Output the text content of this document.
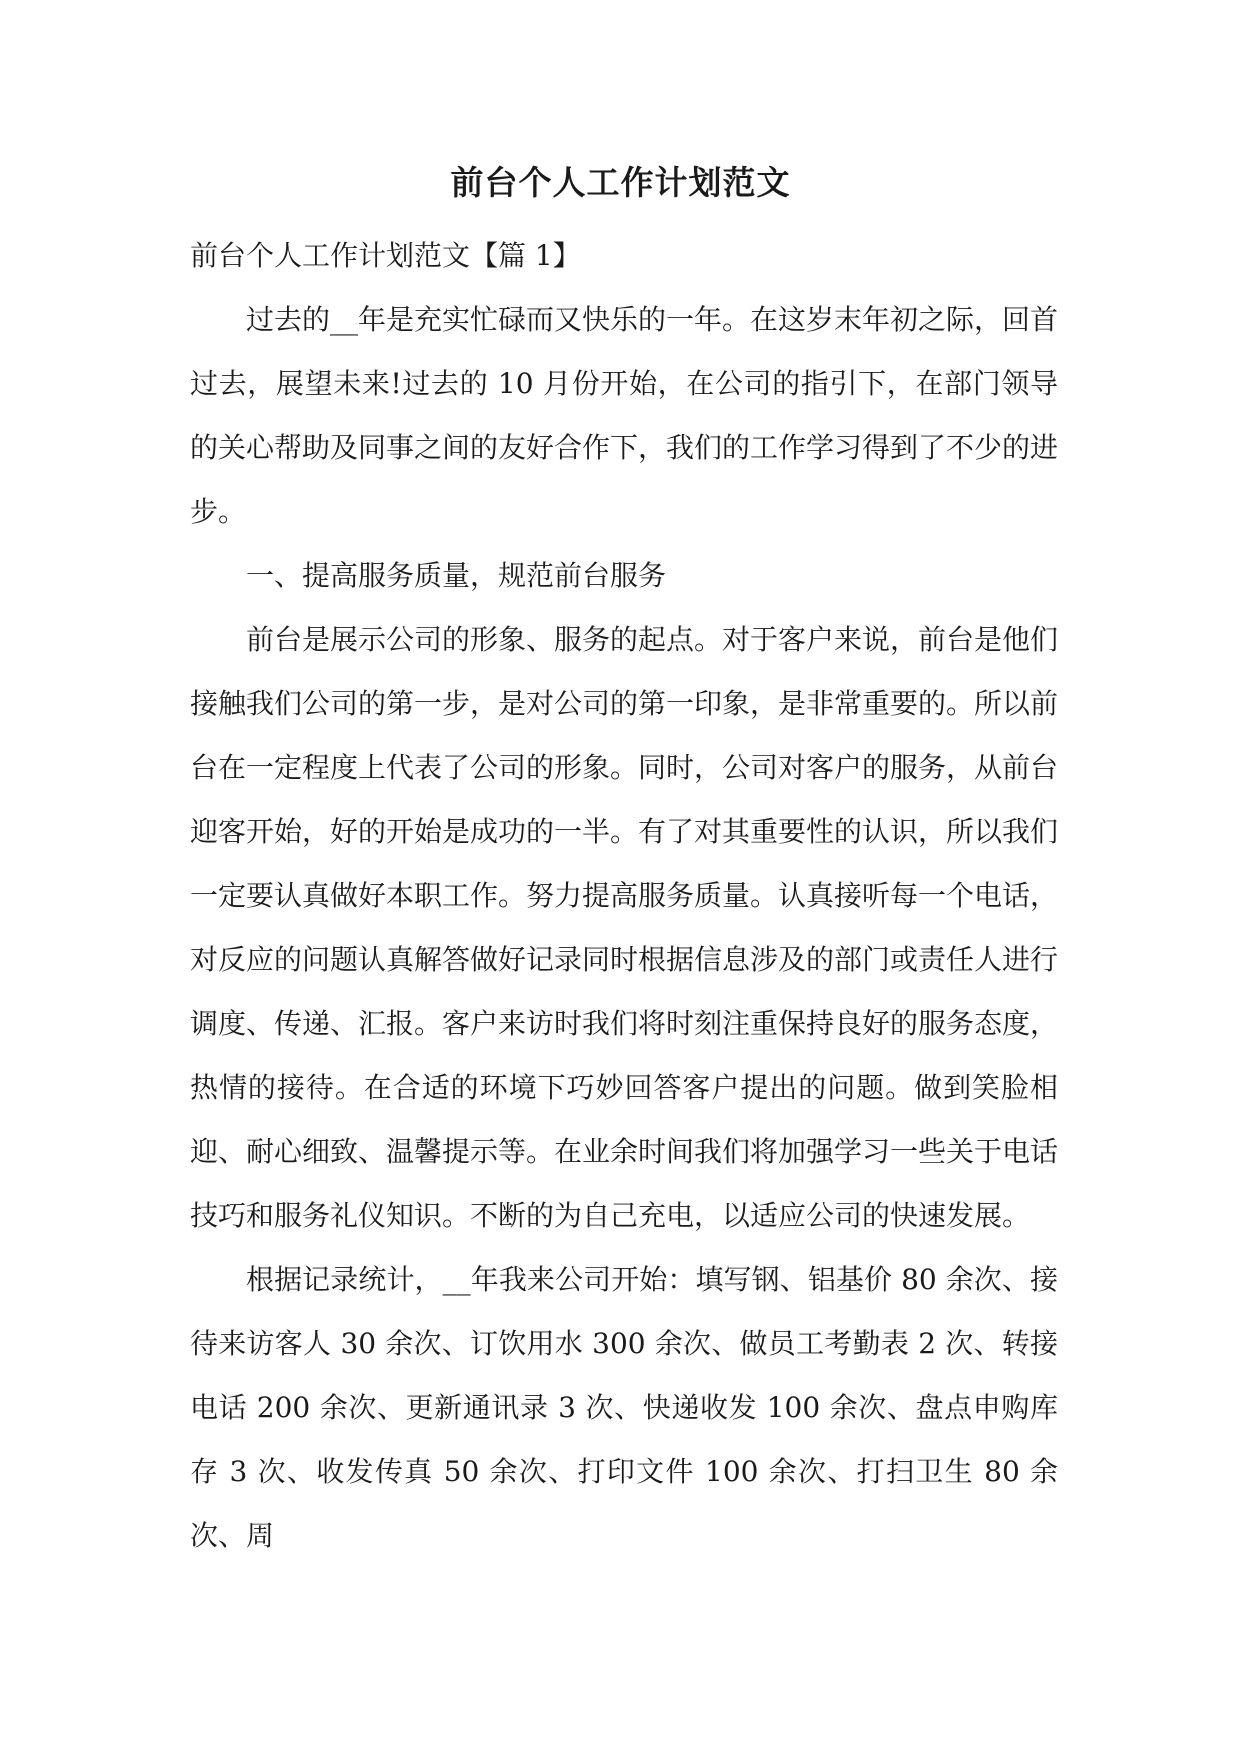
前台个人工作计划范文

前台个人工作计划范文【篇 1】

过去的__年是充实忙碌而又快乐的一年。在这岁末年初之际，回首过去，展望未来!过去的 10 月份开始，在公司的指引下，在部门领导的关心帮助及同事之间的友好合作下，我们的工作学习得到了不少的进步。

一、提高服务质量，规范前台服务

前台是展示公司的形象、服务的起点。对于客户来说，前台是他们接触我们公司的第一步，是对公司的第一印象，是非常重要的。所以前台在一定程度上代表了公司的形象。同时，公司对客户的服务，从前台迎客开始，好的开始是成功的一半。有了对其重要性的认识，所以我们一定要认真做好本职工作。努力提高服务质量。认真接听每一个电话，对反应的问题认真解答做好记录同时根据信息涉及的部门或责任人进行调度、传递、汇报。客户来访时我们将时刻注重保持良好的服务态度，热情的接待。在合适的环境下巧妙回答客户提出的问题。做到笑脸相迎、耐心细致、温馨提示等。在业余时间我们将加强学习一些关于电话技巧和服务礼仪知识。不断的为自己充电，以适应公司的快速发展。

根据记录统计，__年我来公司开始：填写钢、铝基价 80 余次、接待来访客人 30 余次、订饮用水 300 余次、做员工考勤表 2 次、转接电话 200 余次、更新通讯录 3 次、快递收发 100 余次、盘点申购库存 3 次、收发传真 50 余次、打印文件 100 余次、打扫卫生 80 余次、周
